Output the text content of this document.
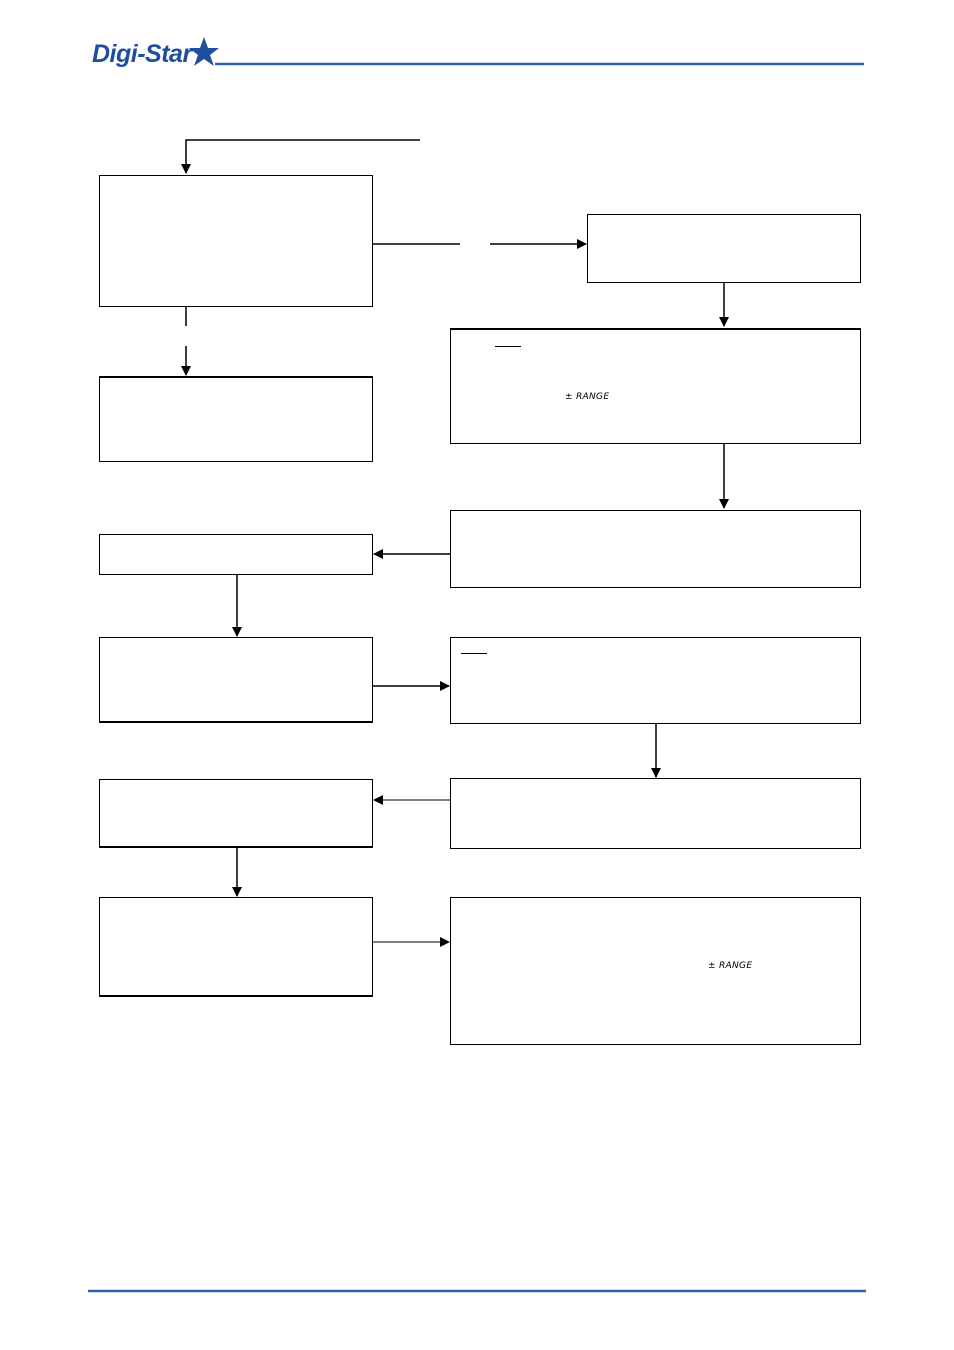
Digi-Star
± RANGE
± RANGE
